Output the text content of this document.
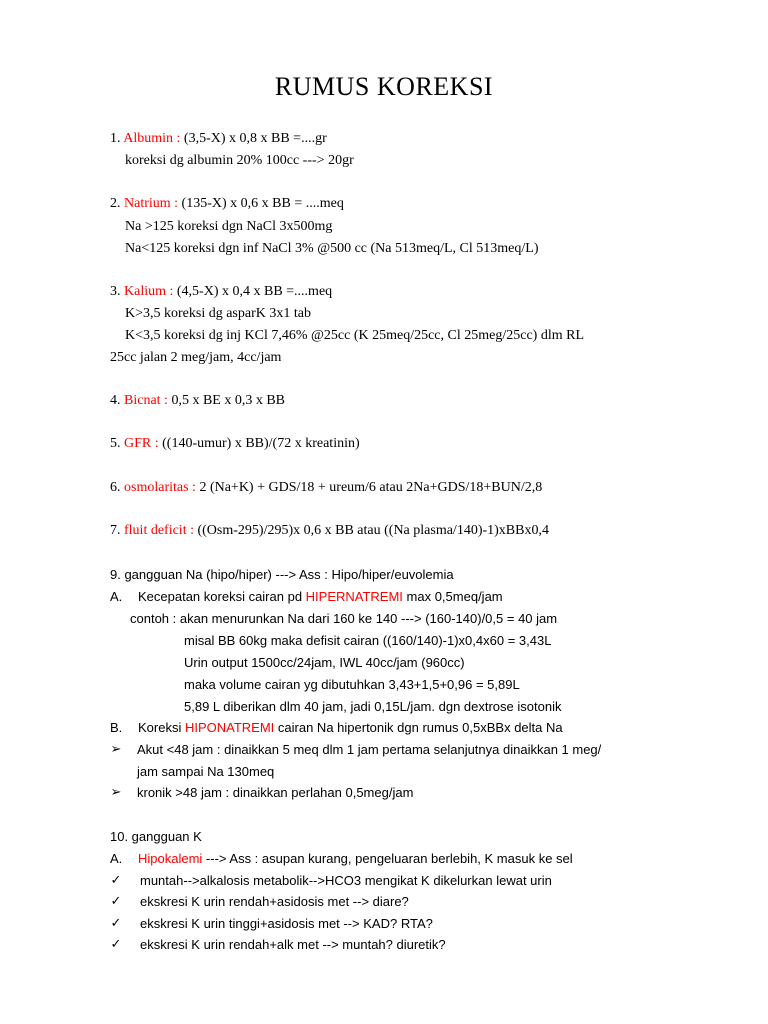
RUMUS KOREKSI
1. Albumin : (3,5-X) x 0,8 x BB =....gr
koreksi dg albumin 20% 100cc ---> 20gr
2. Natrium : (135-X) x 0,6 x BB = ....meq
Na >125 koreksi dgn NaCl 3x500mg
Na<125 koreksi dgn inf NaCl 3% @500 cc (Na 513meq/L, Cl 513meq/L)
3. Kalium : (4,5-X) x 0,4 x BB =....meq
K>3,5 koreksi dg asparK 3x1 tab
K<3,5 koreksi dg inj KCl 7,46% @25cc (K 25meq/25cc, Cl 25meg/25cc) dlm RL
25cc jalan 2 meg/jam, 4cc/jam
4. Bicnat : 0,5 x BE x 0,3 x BB
5. GFR : ((140-umur) x BB)/(72 x kreatinin)
6. osmolaritas : 2 (Na+K) + GDS/18 + ureum/6 atau 2Na+GDS/18+BUN/2,8
7. fluit deficit : ((Osm-295)/295)x 0,6 x BB atau ((Na plasma/140)-1)xBBx0,4
9. gangguan Na (hipo/hiper) ---> Ass : Hipo/hiper/euvolemia
A. Kecepatan koreksi cairan pd HIPERNATREMI max 0,5meq/jam
contoh : akan menurunkan Na dari 160 ke 140 ---> (160-140)/0,5 = 40 jam
misal BB 60kg maka defisit cairan ((160/140)-1)x0,4x60 = 3,43L
Urin output 1500cc/24jam, IWL 40cc/jam (960cc)
maka volume cairan yg dibutuhkan 3,43+1,5+0,96 = 5,89L
5,89 L diberikan dlm 40 jam, jadi 0,15L/jam. dgn dextrose isotonik
B. Koreksi HIPONATREMI cairan Na hipertonik dgn rumus 0,5xBBx delta Na
➢ Akut <48 jam : dinaikkan 5 meq dlm 1 jam pertama selanjutnya dinaikkan 1 meg/
jam sampai Na 130meq
➢ kronik >48 jam : dinaikkan perlahan 0,5meg/jam
10. gangguan K
A. Hipokalemi ---> Ass : asupan kurang, pengeluaran berlebih, K masuk ke sel
✓ muntah-->alkalosis metabolik-->HCO3 mengikat K dikelurkan lewat urin
✓ ekskresi K urin rendah+asidosis met --> diare?
✓ ekskresi K urin tinggi+asidosis met --> KAD? RTA?
✓ ekskresi K urin rendah+alk met --> muntah? diuretik?
